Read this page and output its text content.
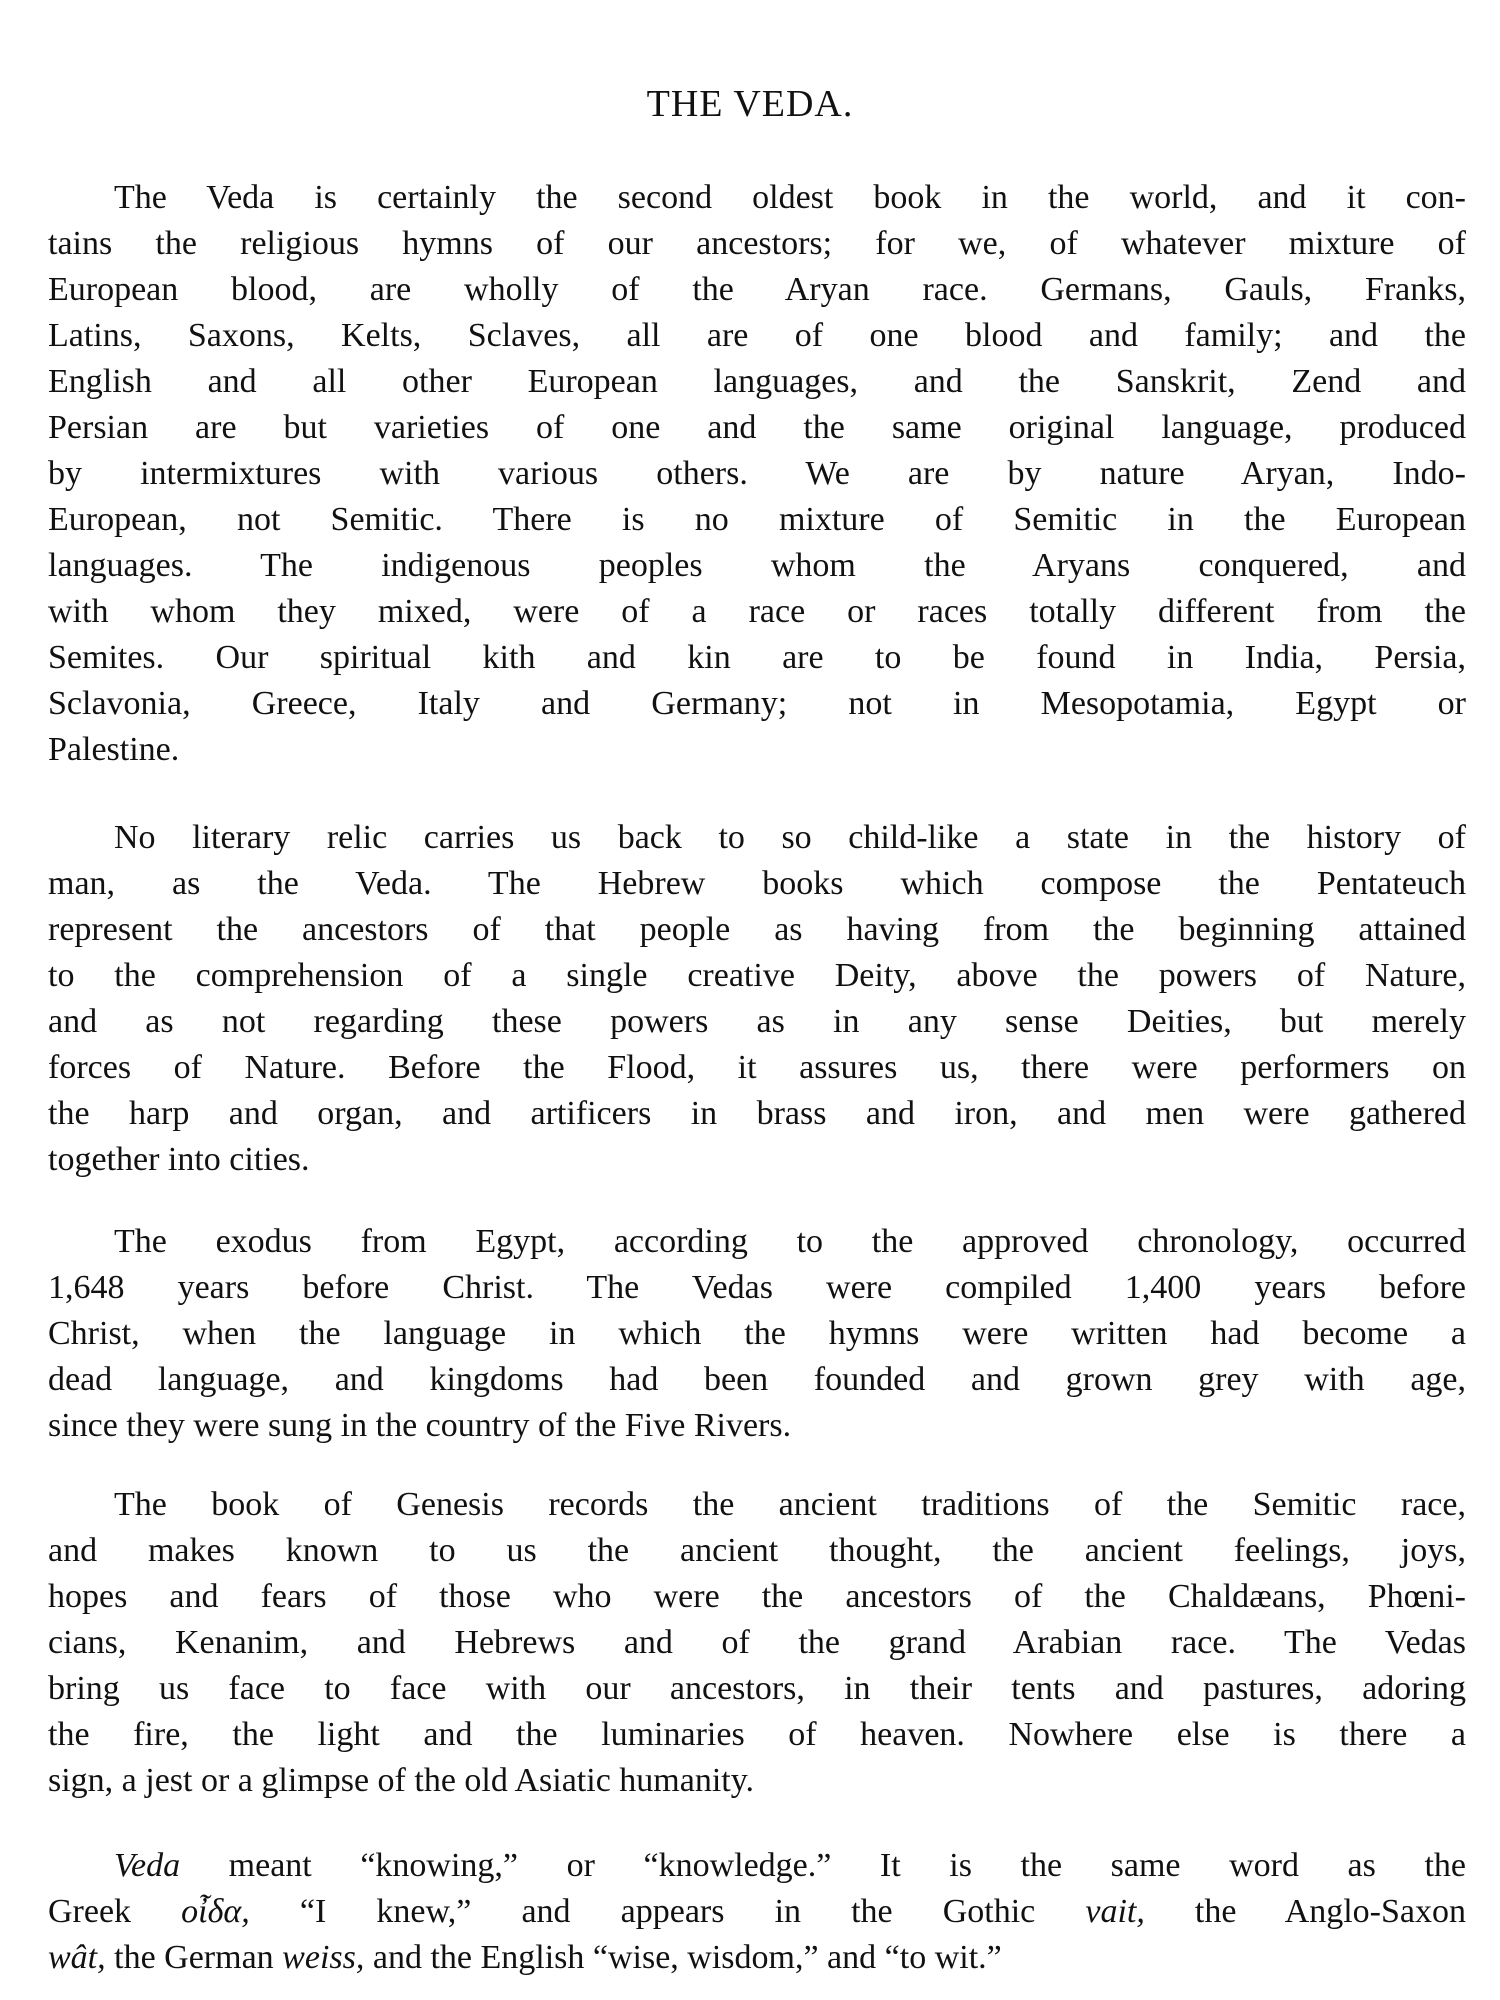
THE VEDA.
The Veda is certainly the second oldest book in the world, and it con-
tains the religious hymns of our ancestors; for we, of whatever mixture of
European blood, are wholly of the Aryan race. Germans, Gauls, Franks,
Latins, Saxons, Kelts, Sclaves, all are of one blood and family; and the
English and all other European languages, and the Sanskrit, Zend and
Persian are but varieties of one and the same original language, produced
by intermixtures with various others. We are by nature Aryan, Indo-
European, not Semitic. There is no mixture of Semitic in the European
languages. The indigenous peoples whom the Aryans conquered, and
with whom they mixed, were of a race or races totally different from the
Semites. Our spiritual kith and kin are to be found in India, Persia,
Sclavonia, Greece, Italy and Germany; not in Mesopotamia, Egypt or
Palestine.
No literary relic carries us back to so child-like a state in the history of
man, as the Veda. The Hebrew books which compose the Pentateuch
represent the ancestors of that people as having from the beginning attained
to the comprehension of a single creative Deity, above the powers of Nature,
and as not regarding these powers as in any sense Deities, but merely
forces of Nature. Before the Flood, it assures us, there were performers on
the harp and organ, and artificers in brass and iron, and men were gathered
together into cities.
The exodus from Egypt, according to the approved chronology, occurred
1,648 years before Christ. The Vedas were compiled 1,400 years before
Christ, when the language in which the hymns were written had become a
dead language, and kingdoms had been founded and grown grey with age,
since they were sung in the country of the Five Rivers.
The book of Genesis records the ancient traditions of the Semitic race,
and makes known to us the ancient thought, the ancient feelings, joys,
hopes and fears of those who were the ancestors of the Chaldæans, Phœni-
cians, Kenanim, and Hebrews and of the grand Arabian race. The Vedas
bring us face to face with our ancestors, in their tents and pastures, adoring
the fire, the light and the luminaries of heaven. Nowhere else is there a
sign, a jest or a glimpse of the old Asiatic humanity.
Veda meant “knowing,” or “knowledge.” It is the same word as the
Greek οἶδα, “I knew,” and appears in the Gothic vait, the Anglo-Saxon
wât, the German weiss, and the English “wise, wisdom,” and “to wit.”
